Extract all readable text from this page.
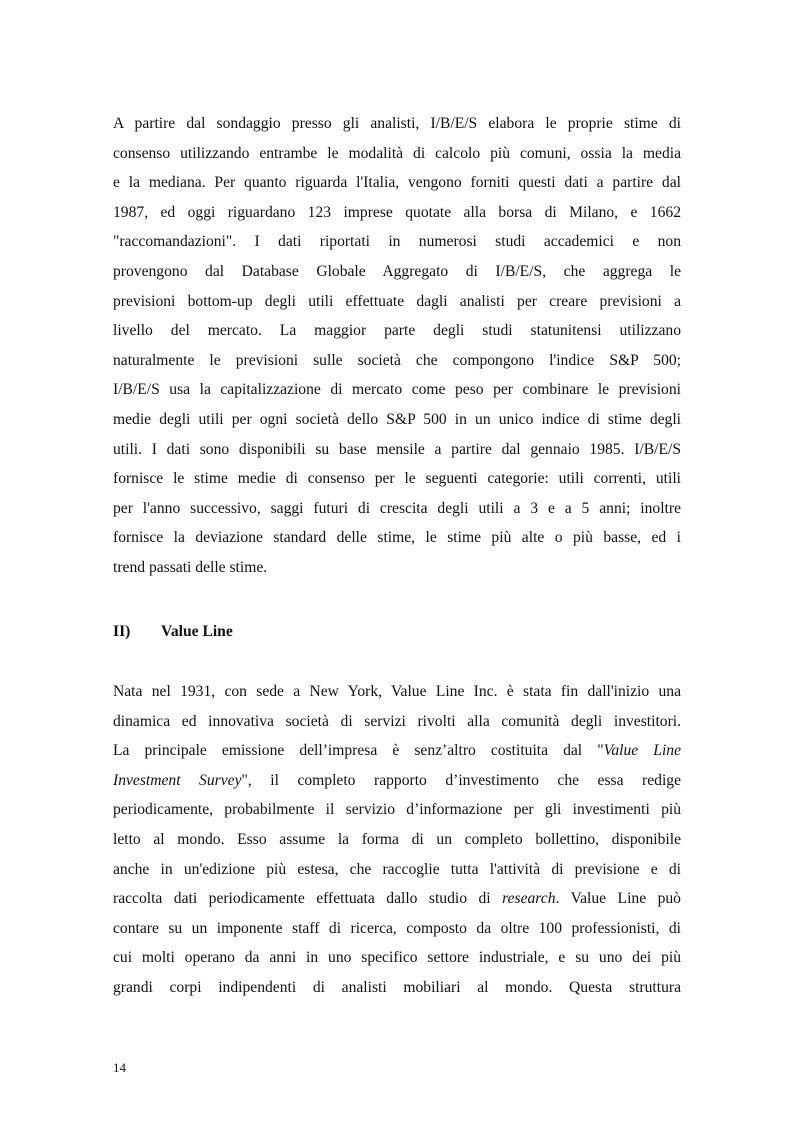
A partire dal sondaggio presso gli analisti, I/B/E/S elabora le proprie stime di
consenso utilizzando entrambe le modalità di calcolo più comuni, ossia la media
e la mediana. Per quanto riguarda l'Italia, vengono forniti questi dati a partire dal
1987, ed oggi riguardano 123 imprese quotate alla borsa di Milano, e 1662
"raccomandazioni". I dati riportati in numerosi studi accademici e non
provengono dal Database Globale Aggregato di I/B/E/S, che aggrega le
previsioni bottom-up degli utili effettuate dagli analisti per creare previsioni a
livello del mercato. La maggior parte degli studi statunitensi utilizzano
naturalmente le previsioni sulle società che compongono l'indice S&P 500;
I/B/E/S usa la capitalizzazione di mercato come peso per combinare le previsioni
medie degli utili per ogni società dello S&P 500 in un unico indice di stime degli
utili. I dati sono disponibili su base mensile a partire dal gennaio 1985. I/B/E/S
fornisce le stime medie di consenso per le seguenti categorie: utili correnti, utili
per l'anno successivo, saggi futuri di crescita degli utili a 3 e a 5 anni; inoltre
fornisce la deviazione standard delle stime, le stime più alte o più basse, ed i
trend passati delle stime.

II) Value Line

Nata nel 1931, con sede a New York, Value Line Inc. è stata fin dall'inizio una
dinamica ed innovativa società di servizi rivolti alla comunità degli investitori.
La principale emissione dell’impresa è senz’altro costituita dal "Value Line
Investment Survey", il completo rapporto d’investimento che essa redige
periodicamente, probabilmente il servizio d’informazione per gli investimenti più
letto al mondo. Esso assume la forma di un completo bollettino, disponibile
anche in un'edizione più estesa, che raccoglie tutta l'attività di previsione e di
raccolta dati periodicamente effettuata dallo studio di research. Value Line può
contare su un imponente staff di ricerca, composto da oltre 100 professionisti, di
cui molti operano da anni in uno specifico settore industriale, e su uno dei più
grandi corpi indipendenti di analisti mobiliari al mondo. Questa struttura

14
